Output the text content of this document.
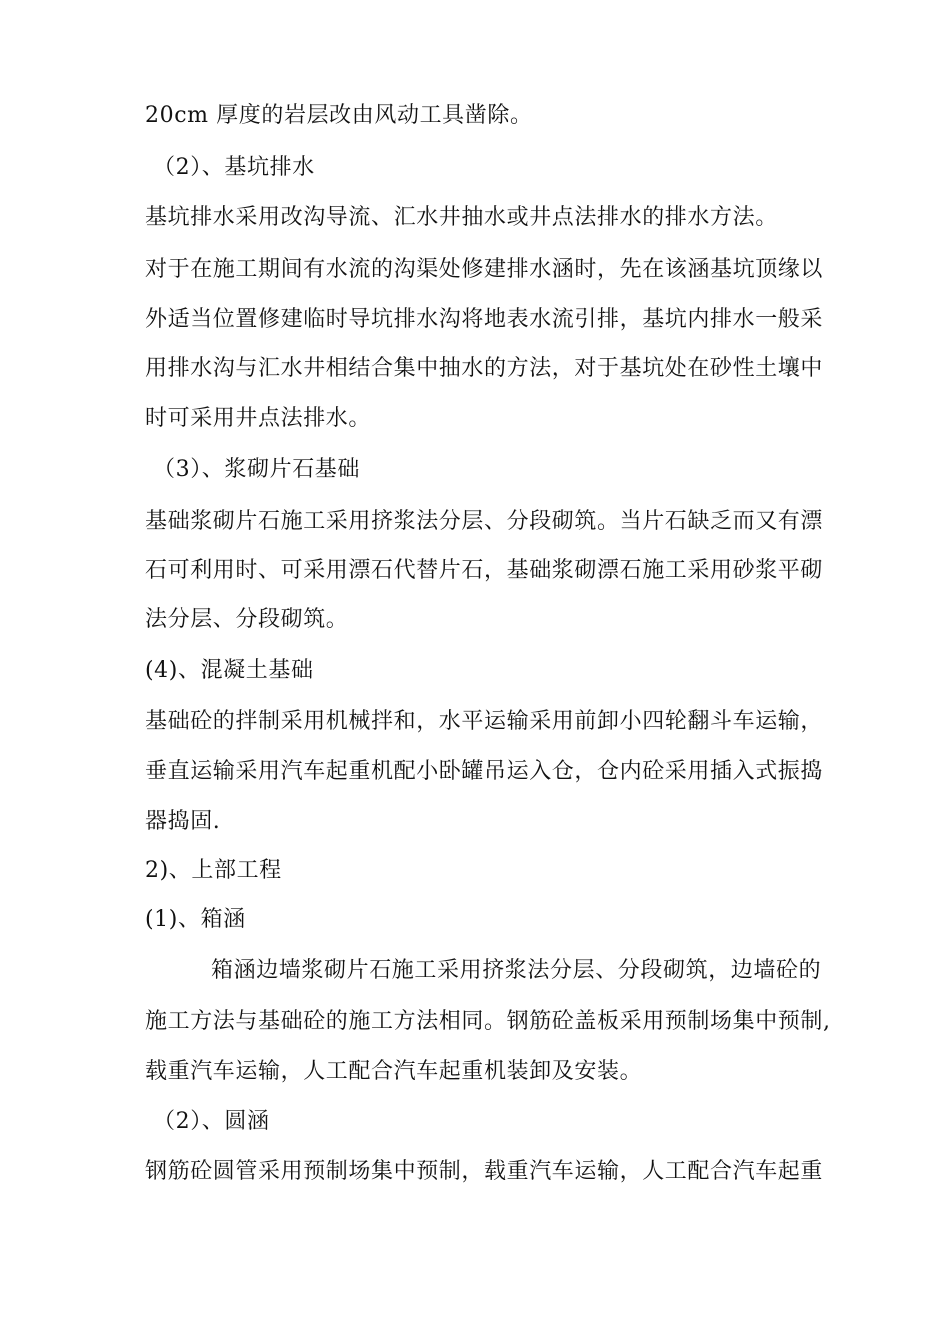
20cm 厚度的岩层改由风动工具凿除。
（2）、基坑排水
基坑排水采用改沟导流、汇水井抽水或井点法排水的排水方法。
对于在施工期间有水流的沟渠处修建排水涵时，先在该涵基坑顶缘以
外适当位置修建临时导坑排水沟将地表水流引排，基坑内排水一般采
用排水沟与汇水井相结合集中抽水的方法，对于基坑处在砂性土壤中
时可采用井点法排水。
（3）、浆砌片石基础
基础浆砌片石施工采用挤浆法分层、分段砌筑。当片石缺乏而又有漂
石可利用时、可采用漂石代替片石，基础浆砌漂石施工采用砂浆平砌
法分层、分段砌筑。
(4)、混凝土基础
基础砼的拌制采用机械拌和，水平运输采用前卸小四轮翻斗车运输，
垂直运输采用汽车起重机配小卧罐吊运入仓，仓内砼采用插入式振捣
器捣固.
2)、上部工程
(1)、箱涵
箱涵边墙浆砌片石施工采用挤浆法分层、分段砌筑，边墙砼的
施工方法与基础砼的施工方法相同。钢筋砼盖板采用预制场集中预制,
载重汽车运输，人工配合汽车起重机装卸及安装。
（2）、圆涵
钢筋砼圆管采用预制场集中预制，载重汽车运输，人工配合汽车起重
